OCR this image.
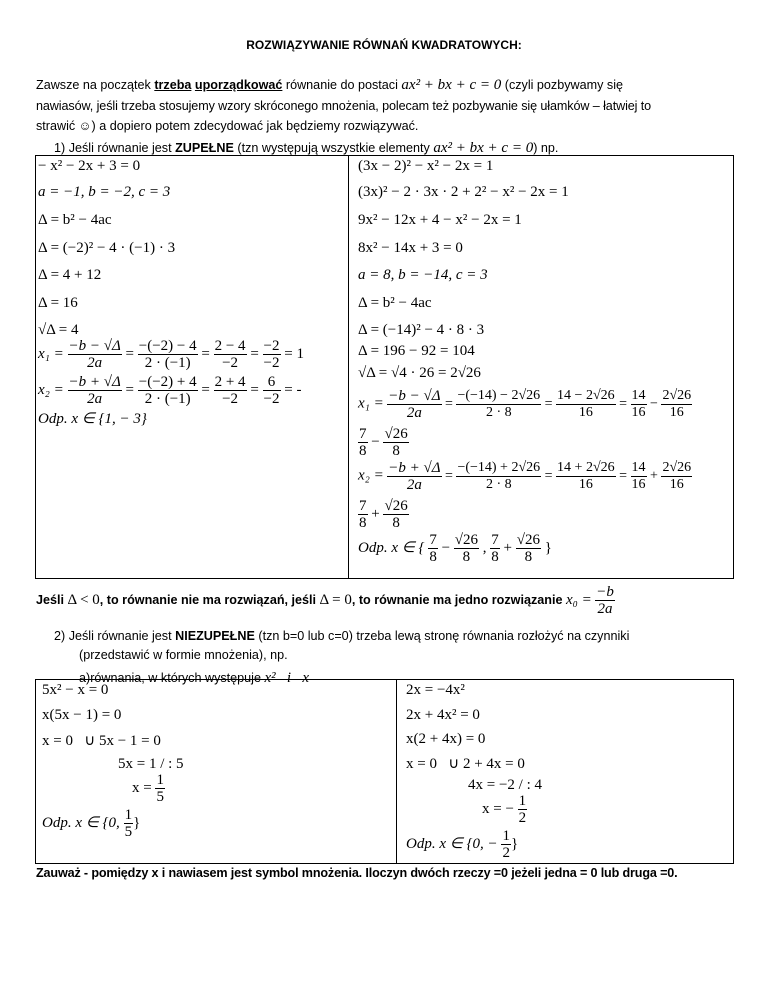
ROZWIĄZYWANIE RÓWNAŃ KWADRATOWYCH:
Zawsze na początek trzeba uporządkować równanie do postaci ax² + bx + c = 0 (czyli pozbywamy się
nawiasów, jeśli trzeba stosujemy wzory skróconego mnożenia, polecam też pozbywanie się ułamków – łatwiej to
strawić ☺) a dopiero potem zdecydować jak będziemy rozwiązywać.
1) Jeśli równanie jest ZUPEŁNE (tzn występują wszystkie elementy ax² + bx + c = 0) np.
− x² − 2x + 3 = 0
a = −1, b = −2, c = 3
Δ = b² − 4ac
Δ = (−2)² − 4 · (−1) · 3
Δ = 4 + 12
Δ = 16
√Δ = 4
$x_1 = \frac{-b - √\Delta}{2a} = \frac{-(-2) - 4}{2 \cdot (-1)} = \frac{2 - 4}{-2} = \frac{-2}{-2} = 1$
$x_2 = \frac{-b + √\Delta}{2a} = \frac{-(-2) + 4}{2 \cdot (-1)} = \frac{2 + 4}{-2} = \frac{6}{-2}$ = -
Odp. x ∈ {1, − 3}
(3x − 2)² − x² − 2x = 1
(3x)² − 2 · 3x · 2 + 2² − x² − 2x = 1
9x² − 12x + 4 − x² − 2x = 1
8x² − 14x + 3 = 0
a = 8, b = −14, c = 3
Δ = b² − 4ac
Δ = (−14)² − 4 · 8 · 3
Δ = 196 − 92 = 104
√Δ = √4 · 26 = 2√26
$x_1 = \frac{-b - √\Delta}{2a} = \frac{-(-14) - 2√26}{2 \cdot 8} = \frac{14 - 2√26}{16} = \frac{14}{16} - \frac{2√26}{16}$
$\frac{7}{8} - \frac{√26}{8}$
$x_2 = \frac{-b + √\Delta}{2a} = \frac{-(-14) + 2√26}{2 \cdot 8} = \frac{14 + 2√26}{16} = \frac{14}{16} + \frac{2√26}{16}$
$\frac{7}{8} + \frac{√26}{8}$
Odp. x ∈ { $\frac{7}{8} - \frac{√26}{8}$ , $\frac{7}{8} + \frac{√26}{8}$ }
Jeśli Δ < 0, to równanie nie ma rozwiązań, jeśli Δ = 0, to równanie ma jedno rozwiązanie $x_0 = \frac{-b}{2a}$
2) Jeśli równanie jest NIEZUPEŁNE (tzn b=0 lub c=0) trzeba lewą stronę równania rozłożyć na czynniki
(przedstawić w formie mnożenia), np.
a)równania, w których występuje x²   i   x
5x² − x = 0
x(5x − 1) = 0
x = 0   ∪ 5x − 1 = 0
5x = 1 / : 5
$x = \frac{1}{5}$
Odp. x ∈ {0, $\frac{1}{5}$ }
2x = −4x²
2x + 4x² = 0
x(2 + 4x) = 0
x = 0   ∪ 2 + 4x = 0
4x = −2 / : 4
x = − $\frac{1}{2}$
Odp. x ∈ {0, − $\frac{1}{2}$ }
Zauważ - pomiędzy x i nawiasem jest symbol mnożenia. Iloczyn dwóch rzeczy =0 jeżeli jedna = 0 lub druga =0.
